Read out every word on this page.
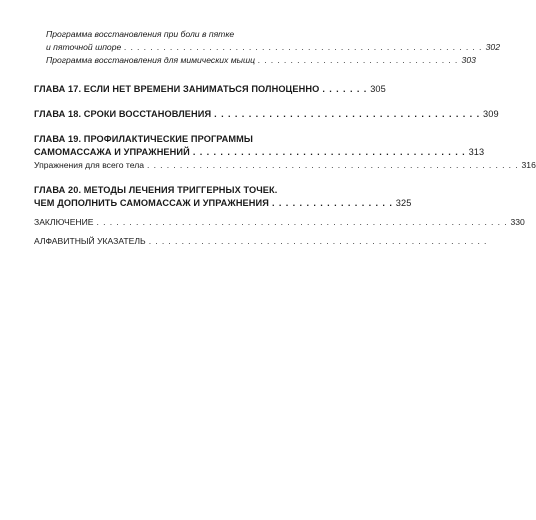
Программа восстановления при боли в пятке
и пяточной шпоре . . . . . . . . . . . . . . . . . . . . . . . . . . . . . . . . . . . . . . . . . . . . . . . . . . . . . . . 302
Программа восстановления для мимических мышц . . . . . . . . . . . . . . . . . . . . . . . . . . . . . . . 303
ГЛАВА 17. ЕСЛИ НЕТ ВРЕМЕНИ ЗАНИМАТЬСЯ ПОЛНОЦЕННО . . . . . . . 305
ГЛАВА 18. СРОКИ ВОССТАНОВЛЕНИЯ . . . . . . . . . . . . . . . . . . . . . . . . . . . . . . . . . . . . . . . 309
ГЛАВА 19. ПРОФИЛАКТИЧЕСКИЕ ПРОГРАММЫ
САМОМАССАЖА И УПРАЖНЕНИЙ . . . . . . . . . . . . . . . . . . . . . . . . . . . . . . . . . . . . . . . . 313
Упражнения для всего тела . . . . . . . . . . . . . . . . . . . . . . . . . . . . . . . . . . . . . . . . . . . . . . . . . . . . . . . . . 316
ГЛАВА 20. МЕТОДЫ ЛЕЧЕНИЯ ТРИГГЕРНЫХ ТОЧЕК.
ЧЕМ ДОПОЛНИТЬ САМОМАССАЖ И УПРАЖНЕНИЯ . . . . . . . . . . . . . . . . . . 325
ЗАКЛЮЧЕНИЕ . . . . . . . . . . . . . . . . . . . . . . . . . . . . . . . . . . . . . . . . . . . . . . . . . . . . . . . . . . . . . . . 330
АЛФАВИТНЫЙ УКАЗАТЕЛЬ . . . . . . . . . . . . . . . . . . . . . . . . . . . . . . . . . . . . . . . . . . . . . . . . . . . .
